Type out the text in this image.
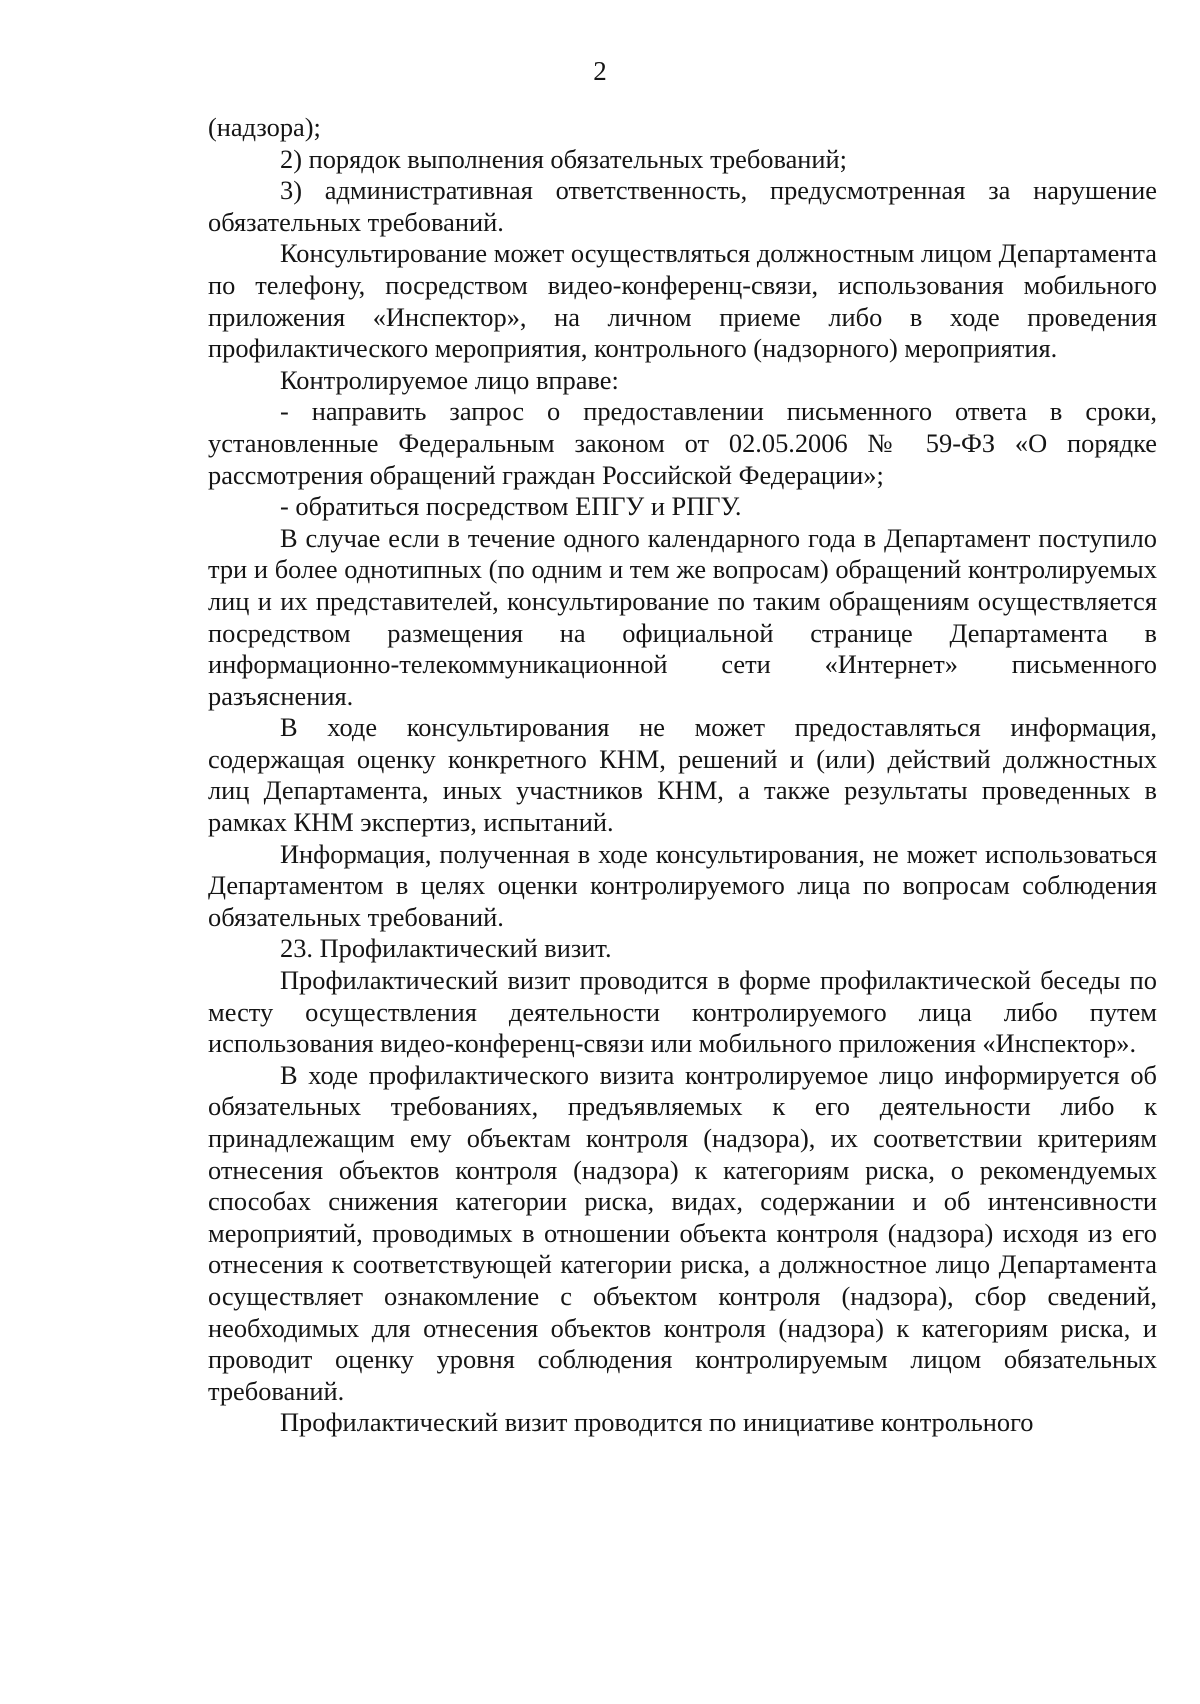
2

(надзора);

2) порядок выполнения обязательных требований;

3) административная ответственность, предусмотренная за нарушение обязательных требований.

Консультирование может осуществляться должностным лицом Департамента по телефону, посредством видео-конференц-связи, использования мобильного приложения «Инспектор», на личном приеме либо в ходе проведения профилактического мероприятия, контрольного (надзорного) мероприятия.

Контролируемое лицо вправе:

- направить запрос о предоставлении письменного ответа в сроки, установленные Федеральным законом от 02.05.2006 № 59-ФЗ «О порядке рассмотрения обращений граждан Российской Федерации»;

- обратиться посредством ЕПГУ и РПГУ.

В случае если в течение одного календарного года в Департамент поступило три и более однотипных (по одним и тем же вопросам) обращений контролируемых лиц и их представителей, консультирование по таким обращениям осуществляется посредством размещения на официальной странице Департамента в информационно-телекоммуникационной сети «Интернет» письменного разъяснения.

В ходе консультирования не может предоставляться информация, содержащая оценку конкретного КНМ, решений и (или) действий должностных лиц Департамента, иных участников КНМ, а также результаты проведенных в рамках КНМ экспертиз, испытаний.

Информация, полученная в ходе консультирования, не может использоваться Департаментом в целях оценки контролируемого лица по вопросам соблюдения обязательных требований.

23. Профилактический визит.

Профилактический визит проводится в форме профилактической беседы по месту осуществления деятельности контролируемого лица либо путем использования видео-конференц-связи или мобильного приложения «Инспектор».

В ходе профилактического визита контролируемое лицо информируется об обязательных требованиях, предъявляемых к его деятельности либо к принадлежащим ему объектам контроля (надзора), их соответствии критериям отнесения объектов контроля (надзора) к категориям риска, о рекомендуемых способах снижения категории риска, видах, содержании и об интенсивности мероприятий, проводимых в отношении объекта контроля (надзора) исходя из его отнесения к соответствующей категории риска, а должностное лицо Департамента осуществляет ознакомление с объектом контроля (надзора), сбор сведений, необходимых для отнесения объектов контроля (надзора) к категориям риска, и проводит оценку уровня соблюдения контролируемым лицом обязательных требований.

Профилактический визит проводится по инициативе контрольного
